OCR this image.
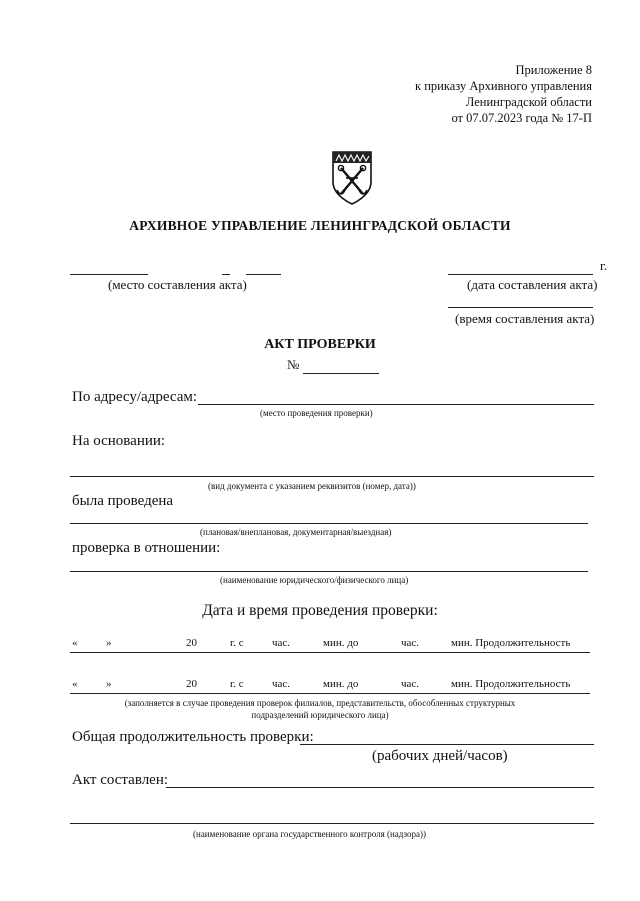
Приложение 8
к приказу Архивного управления
Ленинградской области
от 07.07.2023 года № 17-П
АРХИВНОЕ УПРАВЛЕНИЕ ЛЕНИНГРАДСКОЙ ОБЛАСТИ
(место составления акта)
г.
(дата составления акта)
(время составления акта)
АКТ ПРОВЕРКИ
№
По адресу/адресам:
(место проведения проверки)
На основании:
(вид документа с указанием реквизитов (номер, дата))
была проведена
(плановая/внеплановая, документарная/выездная)
проверка в отношении:
(наименование юридического/физического лица)
Дата и время проведения проверки:
«	»	20	г. с	час.	мин. до	час.	мин. Продолжительность
«	»	20	г. с	час.	мин. до	час.	мин. Продолжительность
(заполняется в случае проведения проверок филиалов, представительств, обособленных структурных
подразделений юридического лица)
Общая продолжительность проверки:
(рабочих дней/часов)
Акт составлен:
(наименование органа государственного контроля (надзора))
